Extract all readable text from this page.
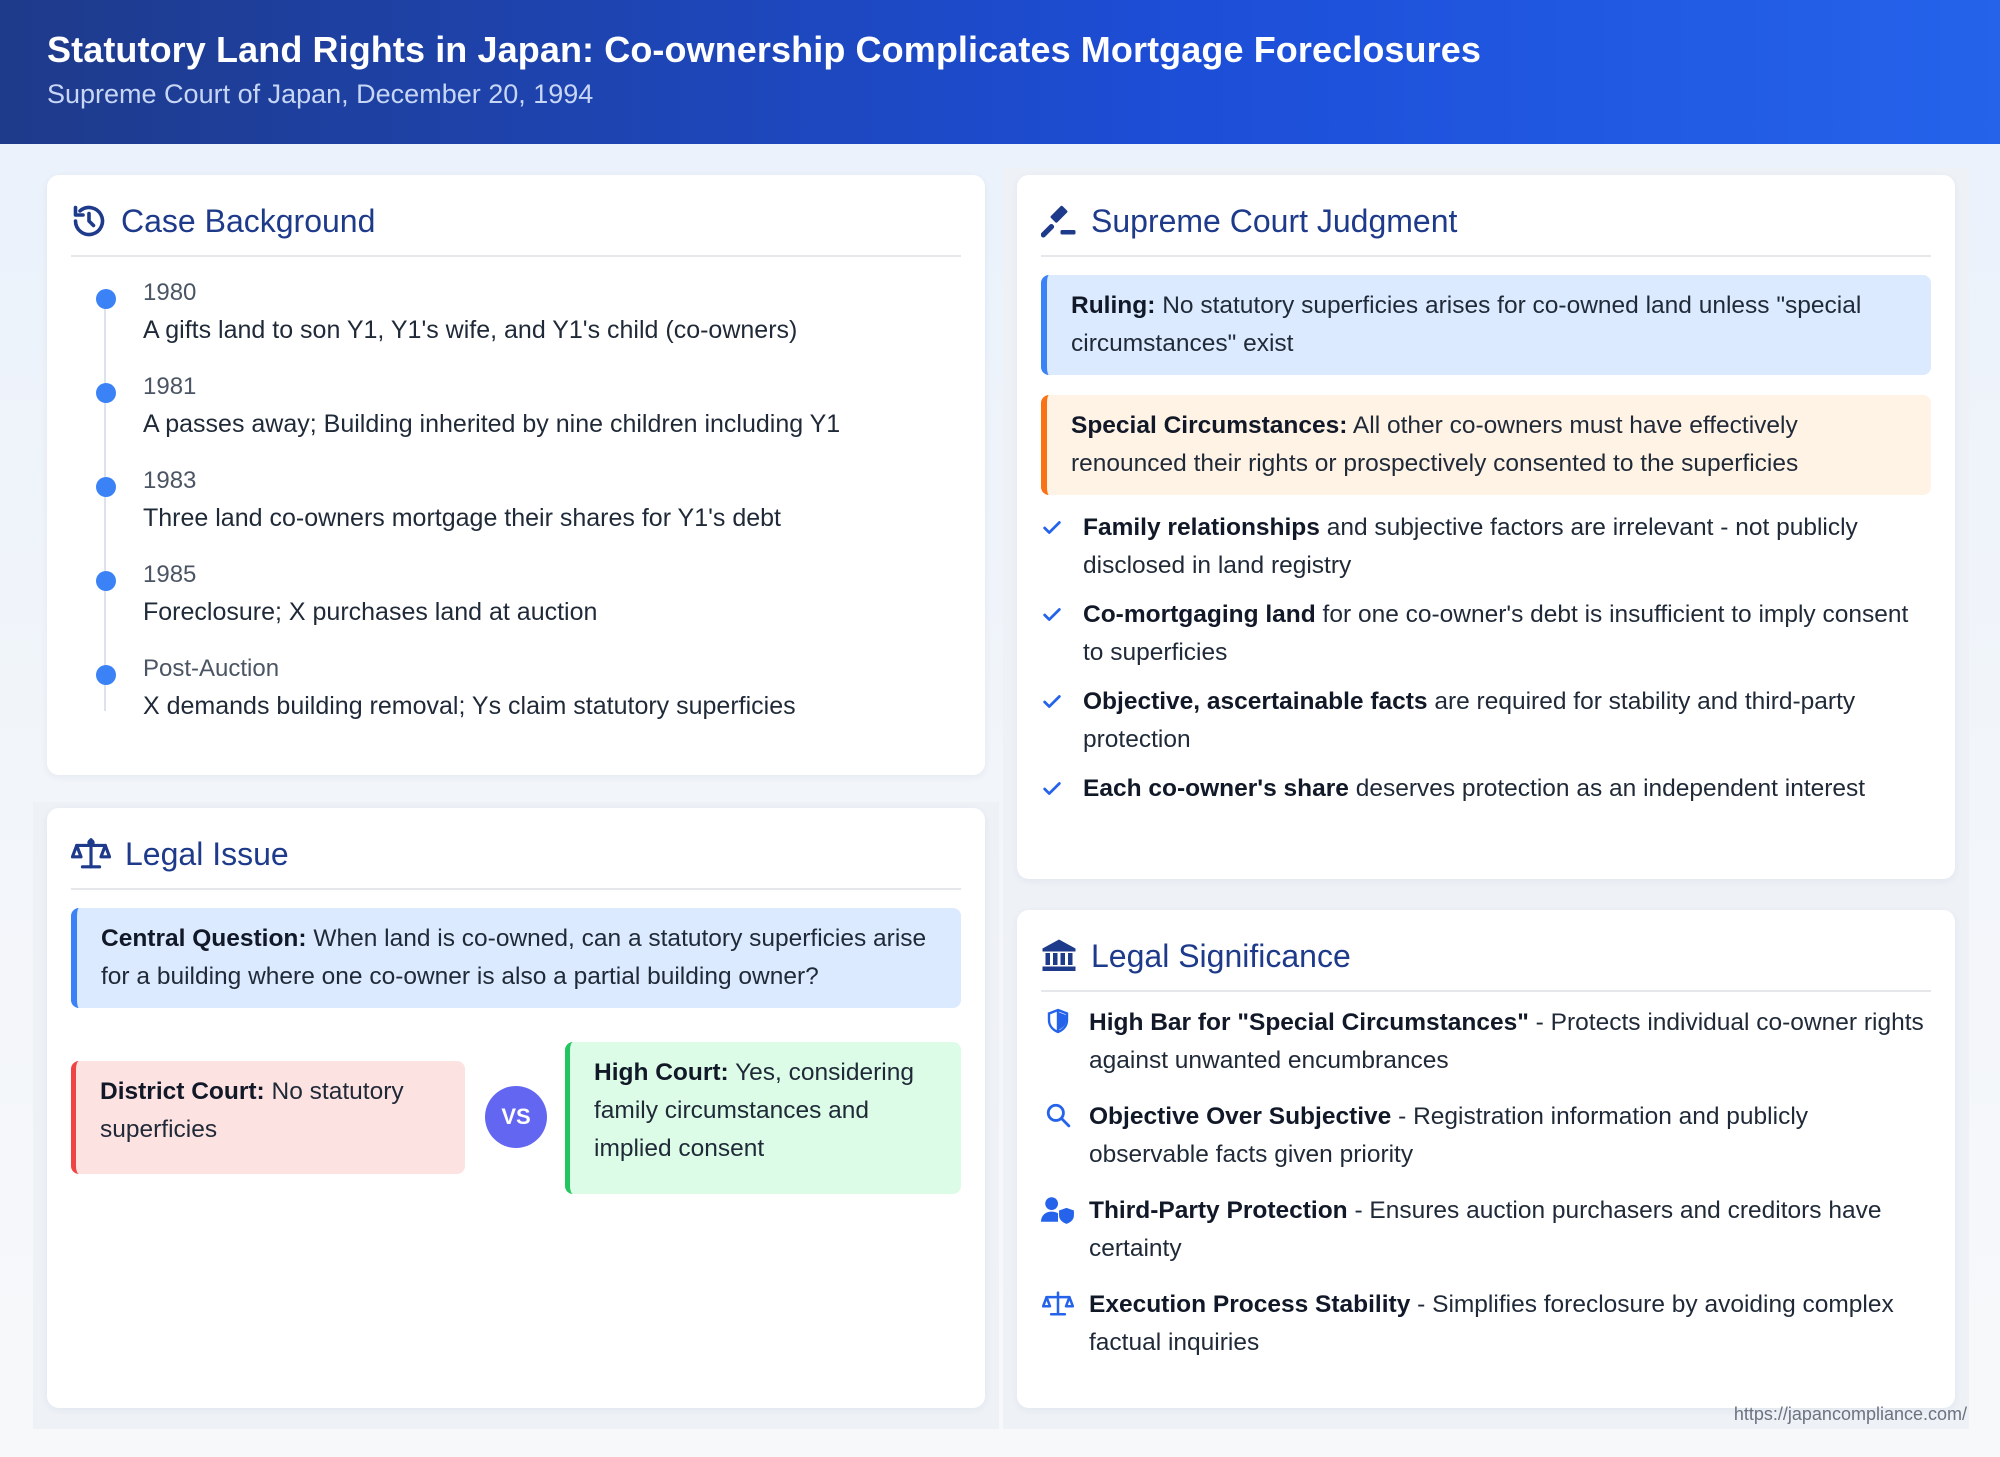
Statutory Land Rights in Japan: Co-ownership Complicates Mortgage Foreclosures
Supreme Court of Japan, December 20, 1994
Case Background
1980
A gifts land to son Y1, Y1's wife, and Y1's child (co-owners)
1981
A passes away; Building inherited by nine children including Y1
1983
Three land co-owners mortgage their shares for Y1's debt
1985
Foreclosure; X purchases land at auction
Post-Auction
X demands building removal; Ys claim statutory superficies
Legal Issue
Central Question: When land is co-owned, can a statutory superficies arise for a building where one co-owner is also a partial building owner?
District Court: No statutory superficies	VS
High Court: Yes, considering family circumstances and implied consent
Supreme Court Judgment
Ruling: No statutory superficies arises for co-owned land unless "special circumstances" exist
Special Circumstances: All other co-owners must have effectively renounced their rights or prospectively consented to the superficies
Family relationships and subjective factors are irrelevant - not publicly disclosed in land registry
Co-mortgaging land for one co-owner's debt is insufficient to imply consent to superficies
Objective, ascertainable facts are required for stability and third-party protection
Each co-owner's share deserves protection as an independent interest
Legal Significance
High Bar for "Special Circumstances" - Protects individual co-owner rights against unwanted encumbrances
Objective Over Subjective - Registration information and publicly observable facts given priority
Third-Party Protection - Ensures auction purchasers and creditors have certainty
Execution Process Stability - Simplifies foreclosure by avoiding complex factual inquiries
https://japancompliance.com/
